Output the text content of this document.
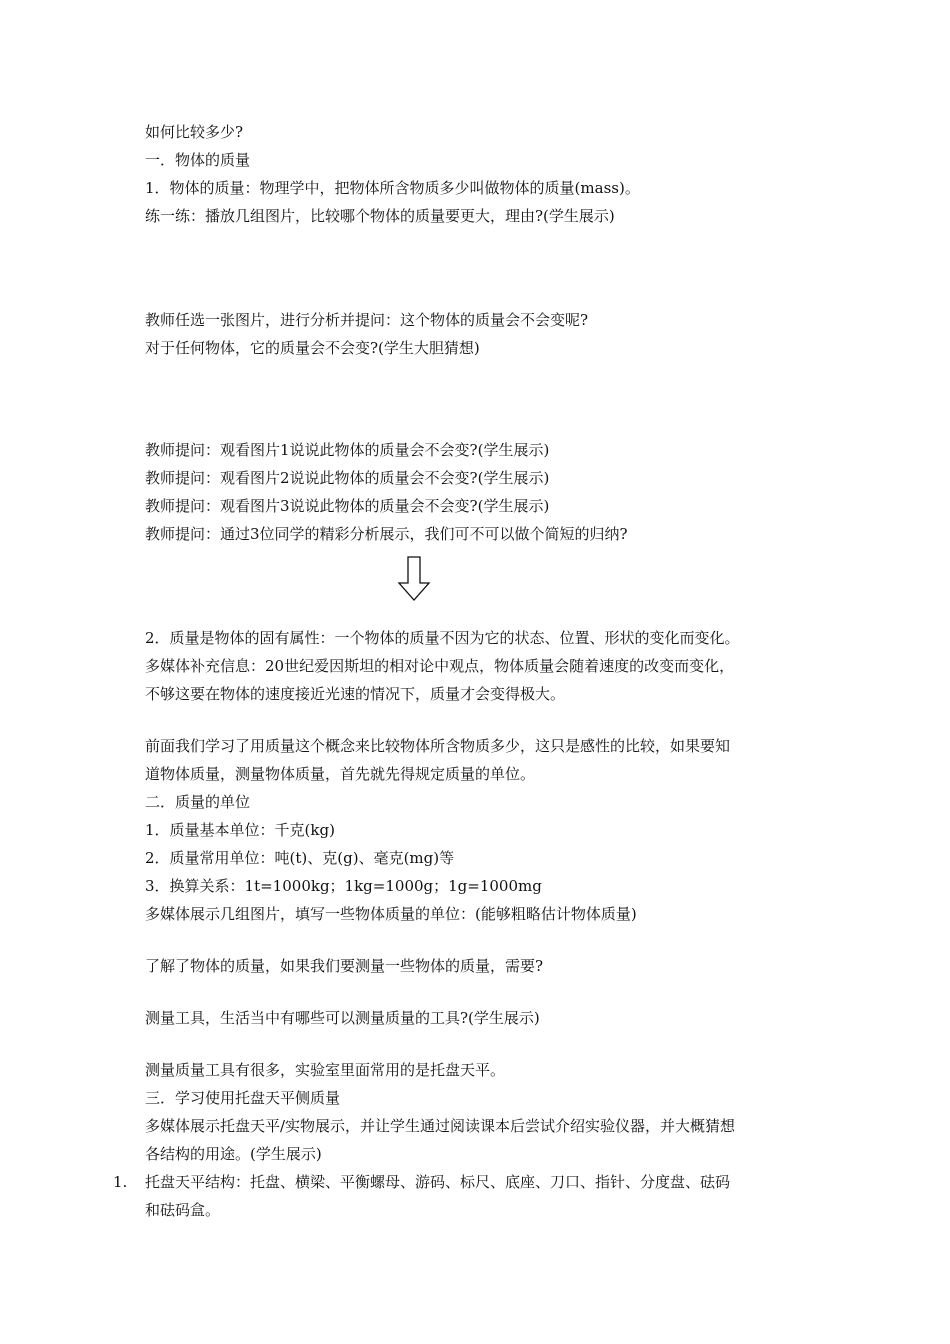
如何比较多少?
一．物体的质量
1．物体的质量：物理学中，把物体所含物质多少叫做物体的质量(mass)。
练一练：播放几组图片，比较哪个物体的质量要更大，理由?(学生展示)
教师任选一张图片，进行分析并提问：这个物体的质量会不会变呢?
对于任何物体，它的质量会不会变?(学生大胆猜想)
教师提问：观看图片1说说此物体的质量会不会变?(学生展示)
教师提问：观看图片2说说此物体的质量会不会变?(学生展示)
教师提问：观看图片3说说此物体的质量会不会变?(学生展示)
教师提问：通过3位同学的精彩分析展示，我们可不可以做个简短的归纳?
2．质量是物体的固有属性：一个物体的质量不因为它的状态、位置、形状的变化而变化。
多媒体补充信息：20世纪爱因斯坦的相对论中观点，物体质量会随着速度的改变而变化，
不够这要在物体的速度接近光速的情况下，质量才会变得极大。
前面我们学习了用质量这个概念来比较物体所含物质多少，这只是感性的比较，如果要知
道物体质量，测量物体质量，首先就先得规定质量的单位。
二．质量的单位
1．质量基本单位：千克(kg)
2．质量常用单位：吨(t)、克(g)、毫克(mg)等
3．换算关系：1t=1000kg；1kg=1000g；1g=1000mg
多媒体展示几组图片，填写一些物体质量的单位：(能够粗略估计物体质量)
了解了物体的质量，如果我们要测量一些物体的质量，需要?
测量工具，生活当中有哪些可以测量质量的工具?(学生展示)
测量质量工具有很多，实验室里面常用的是托盘天平。
三．学习使用托盘天平侧质量
多媒体展示托盘天平/实物展示，并让学生通过阅读课本后尝试介绍实验仪器，并大概猜想
各结构的用途。(学生展示)
1. 托盘天平结构：托盘、横梁、平衡螺母、游码、标尺、底座、刀口、指针、分度盘、砝码
和砝码盒。
